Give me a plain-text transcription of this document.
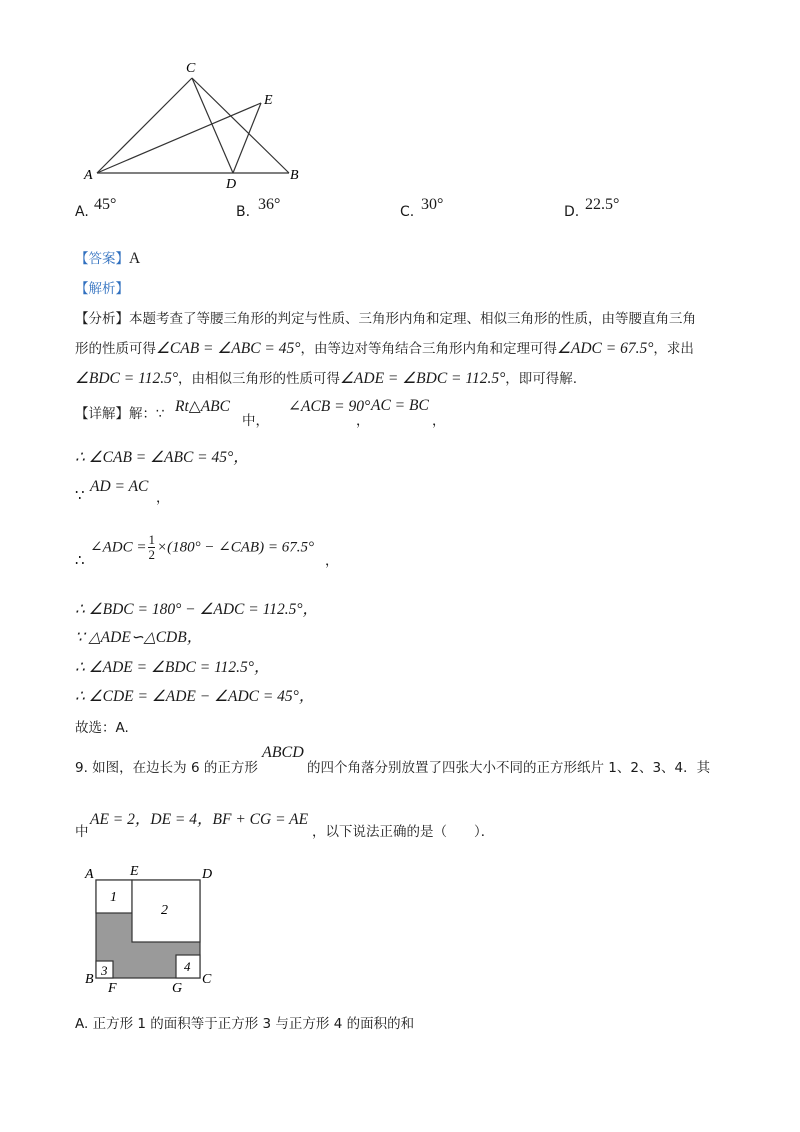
C
E
A
D
B
A. 45°	B. 36°	C. 30°	D. 22.5°
【答案】A
【解析】
【分析】本题考查了等腰三角形的判定与性质、三角形内角和定理、相似三角形的性质，由等腰直角三角
形的性质可得∠CAB = ∠ABC = 45°，由等边对等角结合三角形内角和定理可得∠ADC = 67.5°，求出
∠BDC = 112.5°，由相似三角形的性质可得∠ADE = ∠BDC = 112.5°，即可得解.
【详解】解：∵ Rt△ABC
中，
∠ACB = 90°
，
AC = BC
，
∴ ∠CAB = ∠ABC = 45°，
∵ AD = AC
，
∴
∠ADC = $\frac{1}{2} \times(180^\circ$ − ∠CAB) = 67.5°
，
∴ ∠BDC = 180° − ∠ADC = 112.5°，
∵ △ADE∽△CDB，
∴ ∠ADE = ∠BDC = 112.5°，
∴ ∠CDE = ∠ADE − ∠ADC = 45°，
故选：A.
9. 如图，在边长为 6 的正方形
ABCD
的四个角落分别放置了四张大小不同的正方形纸片 1、2、3、4．其
中
AE = 2，DE = 4，BF + CG = AE
，以下说法正确的是（　　）．
1
2
3	4
A	E	D
B
F	G
C
A. 正方形 1 的面积等于正方形 3 与正方形 4 的面积的和
